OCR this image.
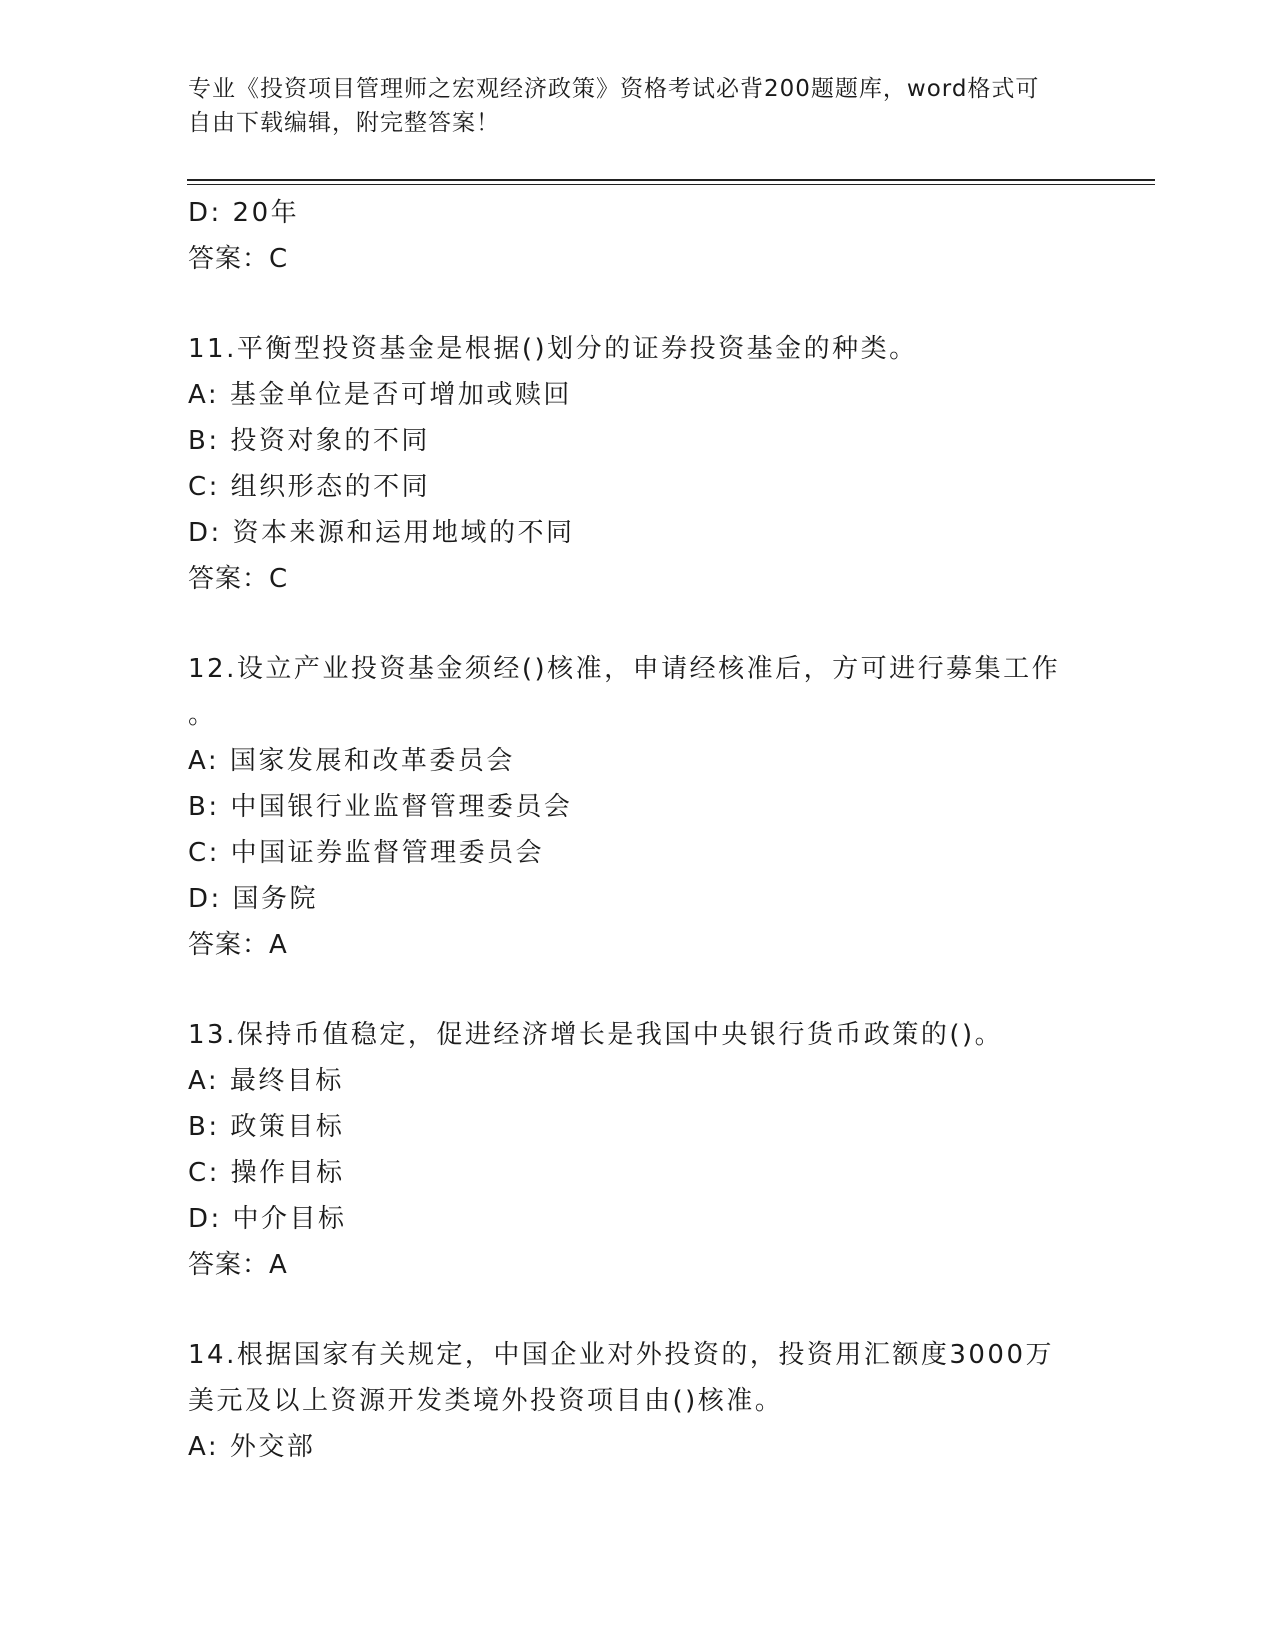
专业《投资项目管理师之宏观经济政策》资格考试必背200题题库，word格式可
自由下载编辑，附完整答案！
D: 20年
答案：C
11.平衡型投资基金是根据()划分的证券投资基金的种类。
A: 基金单位是否可增加或赎回
B: 投资对象的不同
C: 组织形态的不同
D: 资本来源和运用地域的不同
答案：C
12.设立产业投资基金须经()核准，申请经核准后，方可进行募集工作
。
A: 国家发展和改革委员会
B: 中国银行业监督管理委员会
C: 中国证券监督管理委员会
D: 国务院
答案：A
13.保持币值稳定，促进经济增长是我国中央银行货币政策的()。
A: 最终目标
B: 政策目标
C: 操作目标
D: 中介目标
答案：A
14.根据国家有关规定，中国企业对外投资的，投资用汇额度3000万
美元及以上资源开发类境外投资项目由()核准。
A: 外交部
